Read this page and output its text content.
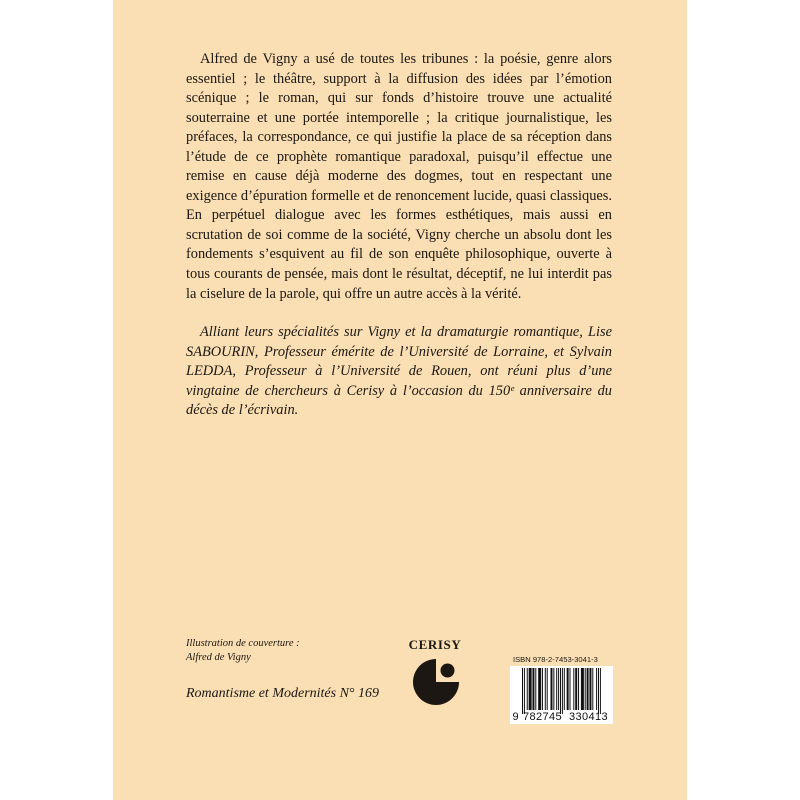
Alfred de Vigny a usé de toutes les tribunes : la poésie, genre alors essentiel ; le théâtre, support à la diffusion des idées par l’émotion scénique ; le roman, qui sur fonds d’histoire trouve une actualité souterraine et une portée intemporelle ; la critique journalistique, les préfaces, la correspondance, ce qui justifie la place de sa réception dans l’étude de ce prophète romantique paradoxal, puisqu’il effectue une remise en cause déjà moderne des dogmes, tout en respectant une exigence d’épuration formelle et de renoncement lucide, quasi classiques. En perpétuel dialogue avec les formes esthétiques, mais aussi en scrutation de soi comme de la société, Vigny cherche un absolu dont les fondements s’esquivent au fil de son enquête philosophique, ouverte à tous courants de pensée, mais dont le résultat, déceptif, ne lui interdit pas la ciselure de la parole, qui offre un autre accès à la vérité.

Alliant leurs spécialités sur Vigny et la dramaturgie romantique, Lise SABOURIN, Professeur émérite de l’Université de Lorraine, et Sylvain LEDDA, Professeur à l’Université de Rouen, ont réuni plus d’une vingtaine de chercheurs à Cerisy à l’occasion du 150ᵉ anniversaire du décès de l’écrivain.

Illustration de couverture :
Alfred de Vigny
Romantisme et Modernités N° 169
CERISY
ISBN 978-2-7453-3041-3
9 782745 330413
